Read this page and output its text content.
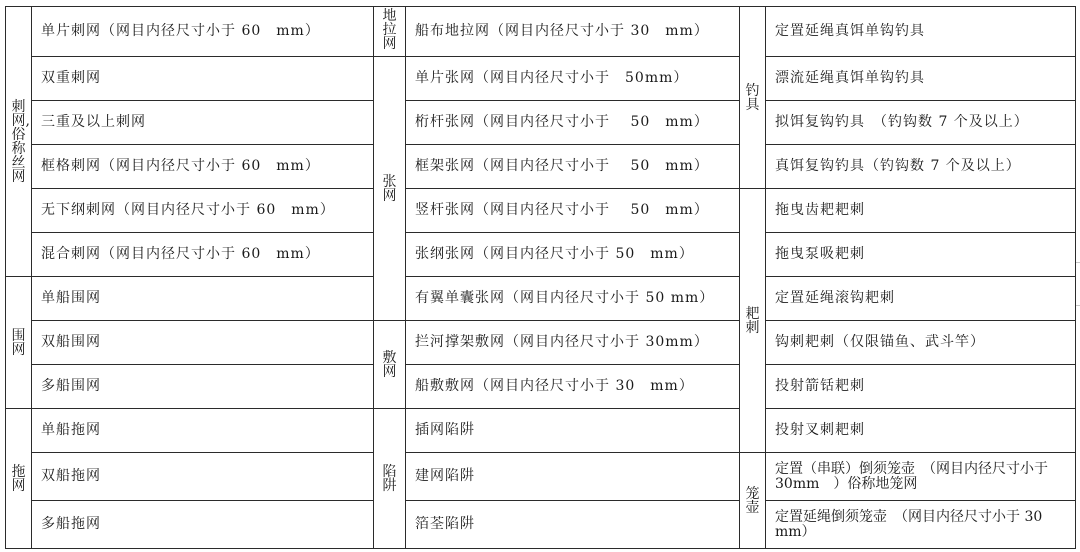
刺网,俗称丝网	单片刺网（网目内径尺寸小于 60　mm）	地拉网	船布地拉网（网目内径尺寸小于 30　mm）	钓具	定置延绳真饵单钩钓具
	双重刺网	张网	单片张网（网目内径尺寸小于　50mm）		漂流延绳真饵单钩钓具
	三重及以上刺网		桁杆张网（网目内径尺寸小于　 50　mm）		拟饵复钩钓具　（钓钩数 7 个及以上）
	框格刺网（网目内径尺寸小于 60　mm）		框架张网（网目内径尺寸小于　 50　mm）		真饵复钩钓具（钓钩数 7 个及以上）
	无下纲刺网（网目内径尺寸小于 60　mm）		竖杆张网（网目内径尺寸小于　 50　mm）	耙刺	拖曳齿耙耙刺
	混合刺网（网目内径尺寸小于 60　mm）		张纲张网（网目内径尺寸小于 50　mm）		拖曳泵吸耙刺

围网	单船围网		有翼单囊张网（网目内径尺寸小于 50 mm）		定置延绳滚钩耙刺
	双船围网	敷网	拦河撑架敷网（网目内径尺寸小于 30mm）		钩刺耙刺（仅限锚鱼、武斗竿）
	多船围网		船敷敷网（网目内径尺寸小于 30　mm）		投射箭铦耙刺

拖网	单船拖网	陷阱	插网陷阱		投射叉刺耙刺
	双船拖网		建网陷阱	笼壶	定置（串联）倒须笼壶　（网目内径尺寸小于 30mm　）俗称地笼网
	多船拖网		箔荃陷阱		定置延绳倒须笼壶　（网目内径尺寸小于 30 mm）
